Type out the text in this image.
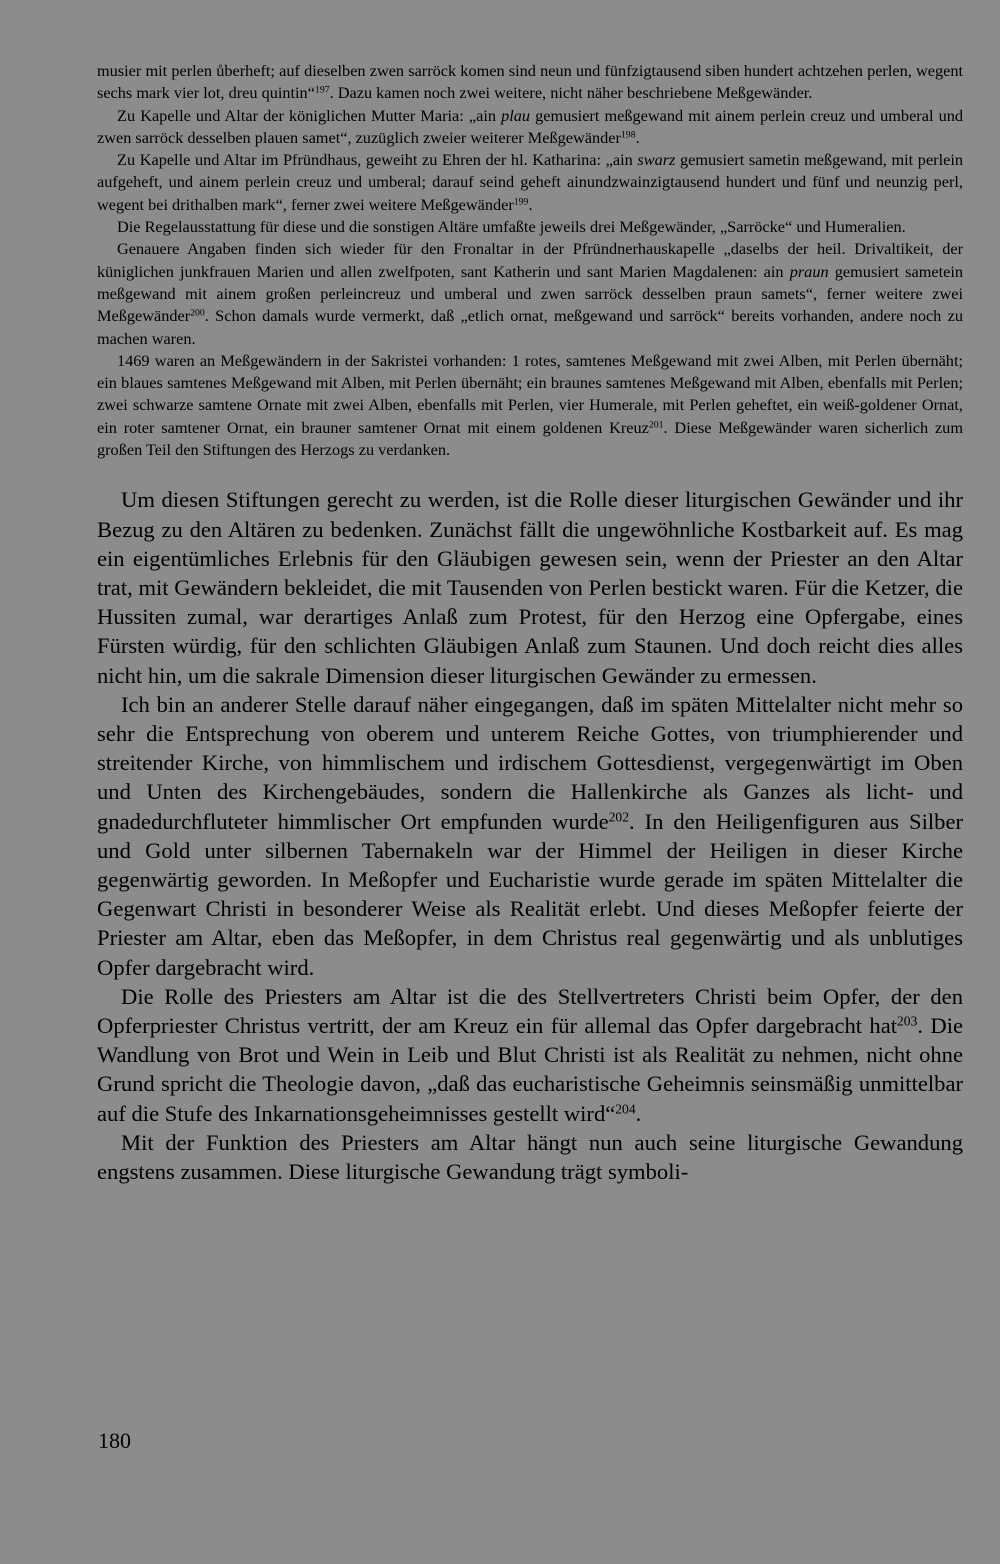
musier mit perlen ůberheft; auf dieselben zwen sarröck komen sind neun und fünfzigtausend siben hundert achtzehen perlen, wegent sechs mark vier lot, dreu quintin“$^{197}$. Dazu kamen noch zwei weitere, nicht näher beschriebene Meßgewänder.

Zu Kapelle und Altar der königlichen Mutter Maria: „ain plau gemusiert meßgewand mit ainem perlein creuz und umberal und zwen sarröck desselben plauen samet“, zuzüglich zweier weiterer Meßgewänder$^{198}$.

Zu Kapelle und Altar im Pfründhaus, geweiht zu Ehren der hl. Katharina: „ain swarz gemusiert sametin meßgewand, mit perlein aufgeheft, und ainem perlein creuz und umberal; darauf seind geheft ainundzwainzigtausend hundert und fünf und neunzig perl, wegent bei drithalben mark“, ferner zwei weitere Meßgewänder$^{199}$.

Die Regelausstattung für diese und die sonstigen Altäre umfaßte jeweils drei Meßgewänder, „Sarröcke“ und Humeralien.

Genauere Angaben finden sich wieder für den Fronaltar in der Pfründnerhauskapelle „daselbs der heil. Drivaltikeit, der küniglichen junkfrauen Marien und allen zwelfpoten, sant Katherin und sant Marien Magdalenen: ain praun gemusiert sametein meßgewand mit ainem großen perleincreuz und umberal und zwen sarröck desselben praun samets“, ferner weitere zwei Meßgewänder$^{200}$. Schon damals wurde vermerkt, daß „etlich ornat, meßgewand und sarröck“ bereits vorhanden, andere noch zu machen waren.

1469 waren an Meßgewändern in der Sakristei vorhanden: 1 rotes, samtenes Meßgewand mit zwei Alben, mit Perlen übernäht; ein blaues samtenes Meßgewand mit Alben, mit Perlen übernäht; ein braunes samtenes Meßgewand mit Alben, ebenfalls mit Perlen; zwei schwarze samtene Ornate mit zwei Alben, ebenfalls mit Perlen, vier Humerale, mit Perlen geheftet, ein weiß-goldener Ornat, ein roter samtener Ornat, ein brauner samtener Ornat mit einem goldenen Kreuz$^{201}$. Diese Meßgewänder waren sicherlich zum großen Teil den Stiftungen des Herzogs zu verdanken.

Um diesen Stiftungen gerecht zu werden, ist die Rolle dieser liturgischen Gewänder und ihr Bezug zu den Altären zu bedenken. Zunächst fällt die ungewöhnliche Kostbarkeit auf. Es mag ein eigentümliches Erlebnis für den Gläubigen gewesen sein, wenn der Priester an den Altar trat, mit Gewändern bekleidet, die mit Tausenden von Perlen bestickt waren. Für die Ketzer, die Hussiten zumal, war derartiges Anlaß zum Protest, für den Herzog eine Opfergabe, eines Fürsten würdig, für den schlichten Gläubigen Anlaß zum Staunen. Und doch reicht dies alles nicht hin, um die sakrale Dimension dieser liturgischen Gewänder zu ermessen.

Ich bin an anderer Stelle darauf näher eingegangen, daß im späten Mittelalter nicht mehr so sehr die Entsprechung von oberem und unterem Reiche Gottes, von triumphierender und streitender Kirche, von himmlischem und irdischem Gottesdienst, vergegenwärtigt im Oben und Unten des Kirchengebäudes, sondern die Hallenkirche als Ganzes als licht- und gnadedurchfluteter himmlischer Ort empfunden wurde$^{202}$. In den Heiligenfiguren aus Silber und Gold unter silbernen Tabernakeln war der Himmel der Heiligen in dieser Kirche gegenwärtig geworden. In Meßopfer und Eucharistie wurde gerade im späten Mittelalter die Gegenwart Christi in besonderer Weise als Realität erlebt. Und dieses Meßopfer feierte der Priester am Altar, eben das Meßopfer, in dem Christus real gegenwärtig und als unblutiges Opfer dargebracht wird.

Die Rolle des Priesters am Altar ist die des Stellvertreters Christi beim Opfer, der den Opferpriester Christus vertritt, der am Kreuz ein für allemal das Opfer dargebracht hat$^{203}$. Die Wandlung von Brot und Wein in Leib und Blut Christi ist als Realität zu nehmen, nicht ohne Grund spricht die Theologie davon, „daß das eucharistische Geheimnis seinsmäßig unmittelbar auf die Stufe des Inkarnationsgeheimnisses gestellt wird“$^{204}$.

Mit der Funktion des Priesters am Altar hängt nun auch seine liturgische Gewandung engstens zusammen. Diese liturgische Gewandung trägt symboli-

180
